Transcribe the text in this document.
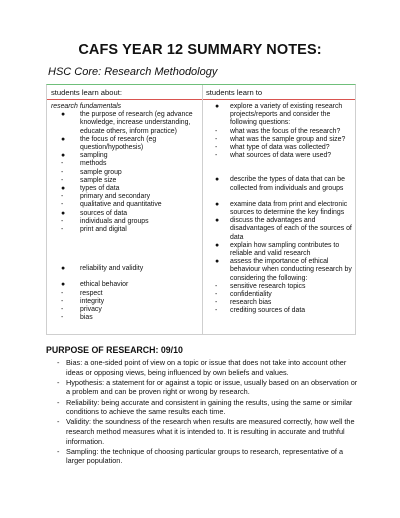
CAFS YEAR 12 SUMMARY NOTES:
HSC Core: Research Methodology
students learn about:	students learn to
research fundamentals
● the purpose of research (eg advance knowledge, increase understanding, educate others, inform practice)
● the focus of research (eg question/hypothesis)
● sampling
- methods
- sample group
- sample size
● types of data
- primary and secondary
- qualitative and quantitative
● sources of data
- individuals and groups
- print and digital
● reliability and validity
● ethical behavior
- respect
- integrity
- privacy
- bias
● explore a variety of existing research projects/reports and consider the following questions:
- what was the focus of the research?
- what was the sample group and size?
- what type of data was collected?
- what sources of data were used?
● describe the types of data that can be collected from individuals and groups
● examine data from print and electronic sources to determine the key findings
● discuss the advantages and disadvantages of each of the sources of data
● explain how sampling contributes to reliable and valid research
● assess the importance of ethical behaviour when conducting research by considering the following:
- sensitive research topics
- confidentiality
- research bias
- crediting sources of data
PURPOSE OF RESEARCH: 09/10
- Bias: a one-sided point of view on a topic or issue that does not take into account other ideas or opposing views, being influenced by own beliefs and values.
- Hypothesis: a statement for or against a topic or issue, usually based on an observation or a problem and can be proven right or wrong by research.
- Reliability: being accurate and consistent in gaining the results, using the same or similar conditions to achieve the same results each time.
- Validity: the soundness of the research when results are measured correctly, how well the research method measures what it is intended to. It is resulting in accurate and truthful information.
- Sampling: the technique of choosing particular groups to research, representative of a larger population.
